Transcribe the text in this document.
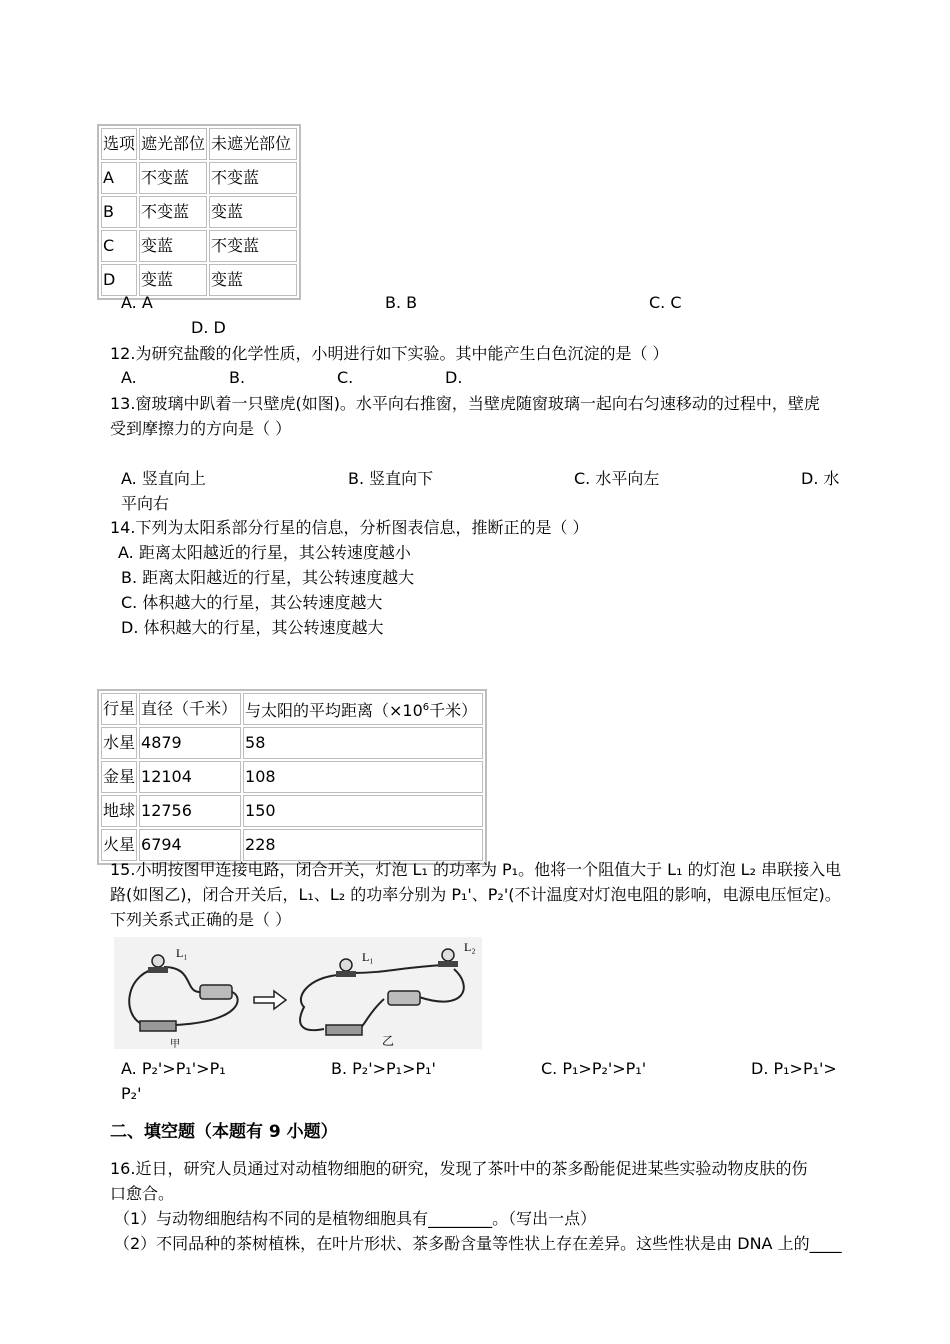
选项	遮光部位	未遮光部位
A	不变蓝	不变蓝
B	不变蓝	变蓝
C	变蓝	不变蓝
D	变蓝	变蓝
A. A	B. B	C. C
D. D
12.为研究盐酸的化学性质，小明进行如下实验。其中能产生白色沉淀的是（ ）
A.	B.	C.	D.
13.窗玻璃中趴着一只壁虎(如图)。水平向右推窗，当壁虎随窗玻璃一起向右匀速移动的过程中，壁虎
受到摩擦力的方向是（ ）
A. 竖直向上	B. 竖直向下	C. 水平向左	D. 水
平向右
14.下列为太阳系部分行星的信息，分析图表信息，推断正的是（ ）
A. 距离太阳越近的行星，其公转速度越小
B. 距离太阳越近的行星，其公转速度越大
C. 体积越大的行星，其公转速度越大
D. 体积越大的行星，其公转速度越大
行星	直径（千米）	与太阳的平均距离（$\times 10^6$千米）
水星	4879	58
金星	12104	108
地球	12756	150
火星	6794	228
15.小明按图甲连接电路，闭合开关，灯泡 L₁ 的功率为 P₁。他将一个阻值大于 L₁ 的灯泡 L₂ 串联接入电
路(如图乙)，闭合开关后，L₁、L₂ 的功率分别为 P₁'、P₂'(不计温度对灯泡电阻的影响，电源电压恒定)。
下列关系式正确的是（ ）
L₁	L₁
L₂
甲	乙
A. P₂'>P₁'>P₁	B. P₂'>P₁>P₁'	C. P₁>P₂'>P₁'	D. P₁>P₁'>
P₂'
二、填空题（本题有 9 小题）
16.近日，研究人员通过对动植物细胞的研究，发现了茶叶中的茶多酚能促进某些实验动物皮肤的伤
口愈合。
（1）与动物细胞结构不同的是植物细胞具有________。（写出一点）
（2）不同品种的茶树植株，在叶片形状、茶多酚含量等性状上存在差异。这些性状是由 DNA 上的____
